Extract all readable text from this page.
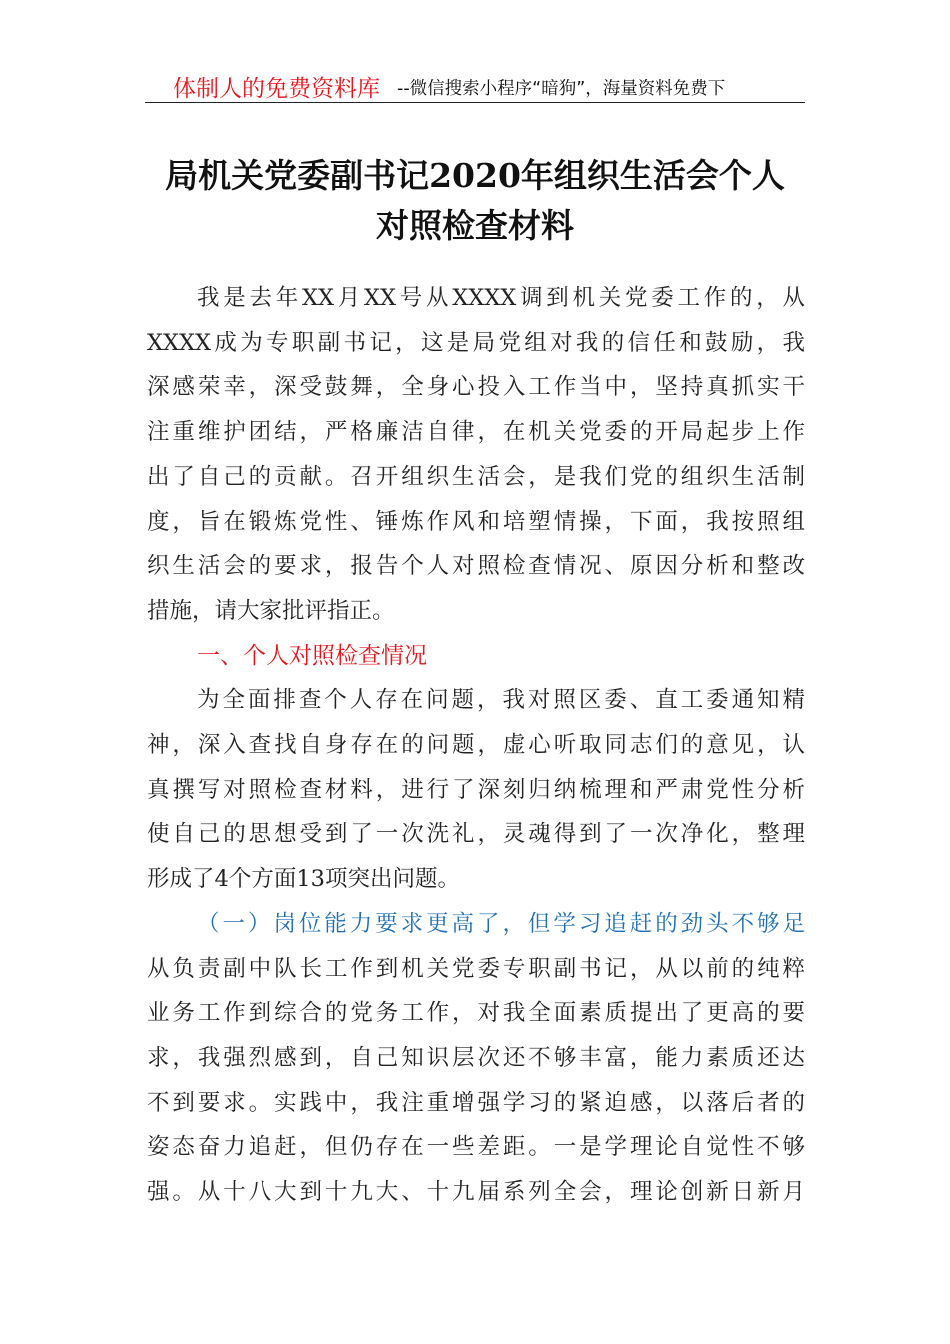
体制人的免费资料库 --微信搜索小程序“暗狗”，海量资料免费下
局机关党委副书记2020年组织生活会个人
对照检查材料
我是去年XX月XX号从XXXX调到机关党委工作的，从
XXXX成为专职副书记，这是局党组对我的信任和鼓励，我
深感荣幸，深受鼓舞，全身心投入工作当中，坚持真抓实干
注重维护团结，严格廉洁自律，在机关党委的开局起步上作
出了自己的贡献。召开组织生活会，是我们党的组织生活制
度，旨在锻炼党性、锤炼作风和培塑情操，下面，我按照组
织生活会的要求，报告个人对照检查情况、原因分析和整改
措施，请大家批评指正。
一、个人对照检查情况
为全面排查个人存在问题，我对照区委、直工委通知精
神，深入查找自身存在的问题，虚心听取同志们的意见，认
真撰写对照检查材料，进行了深刻归纳梳理和严肃党性分析
使自己的思想受到了一次洗礼，灵魂得到了一次净化，整理
形成了4个方面13项突出问题。
（一）岗位能力要求更高了，但学习追赶的劲头不够足
从负责副中队长工作到机关党委专职副书记，从以前的纯粹
业务工作到综合的党务工作，对我全面素质提出了更高的要
求，我强烈感到，自己知识层次还不够丰富，能力素质还达
不到要求。实践中，我注重增强学习的紧迫感，以落后者的
姿态奋力追赶，但仍存在一些差距。一是学理论自觉性不够
强。从十八大到十九大、十九届系列全会，理论创新日新月
